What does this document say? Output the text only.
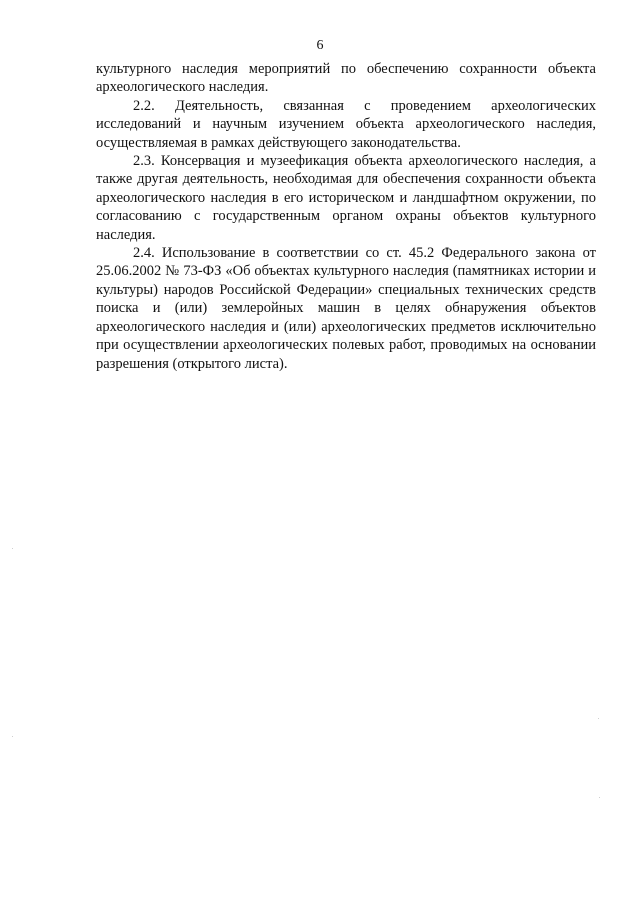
6

культурного наследия мероприятий по обеспечению сохранности объекта археологического наследия.

2.2. Деятельность, связанная с проведением археологических исследований и научным изучением объекта археологического наследия, осуществляемая в рамках действующего законодательства.

2.3. Консервация и музеефикация объекта археологического наследия, а также другая деятельность, необходимая для обеспечения сохранности объекта археологического наследия в его историческом и ландшафтном окружении, по согласованию с государственным органом охраны объектов культурного наследия.

2.4. Использование в соответствии со ст. 45.2 Федерального закона от 25.06.2002 № 73-ФЗ «Об объектах культурного наследия (памятниках истории и культуры) народов Российской Федерации» специальных технических средств поиска и (или) землеройных машин в целях обнаружения объектов археологического наследия и (или) археологических предметов исключительно при осуществлении археологических полевых работ, проводимых на основании разрешения (открытого листа).
